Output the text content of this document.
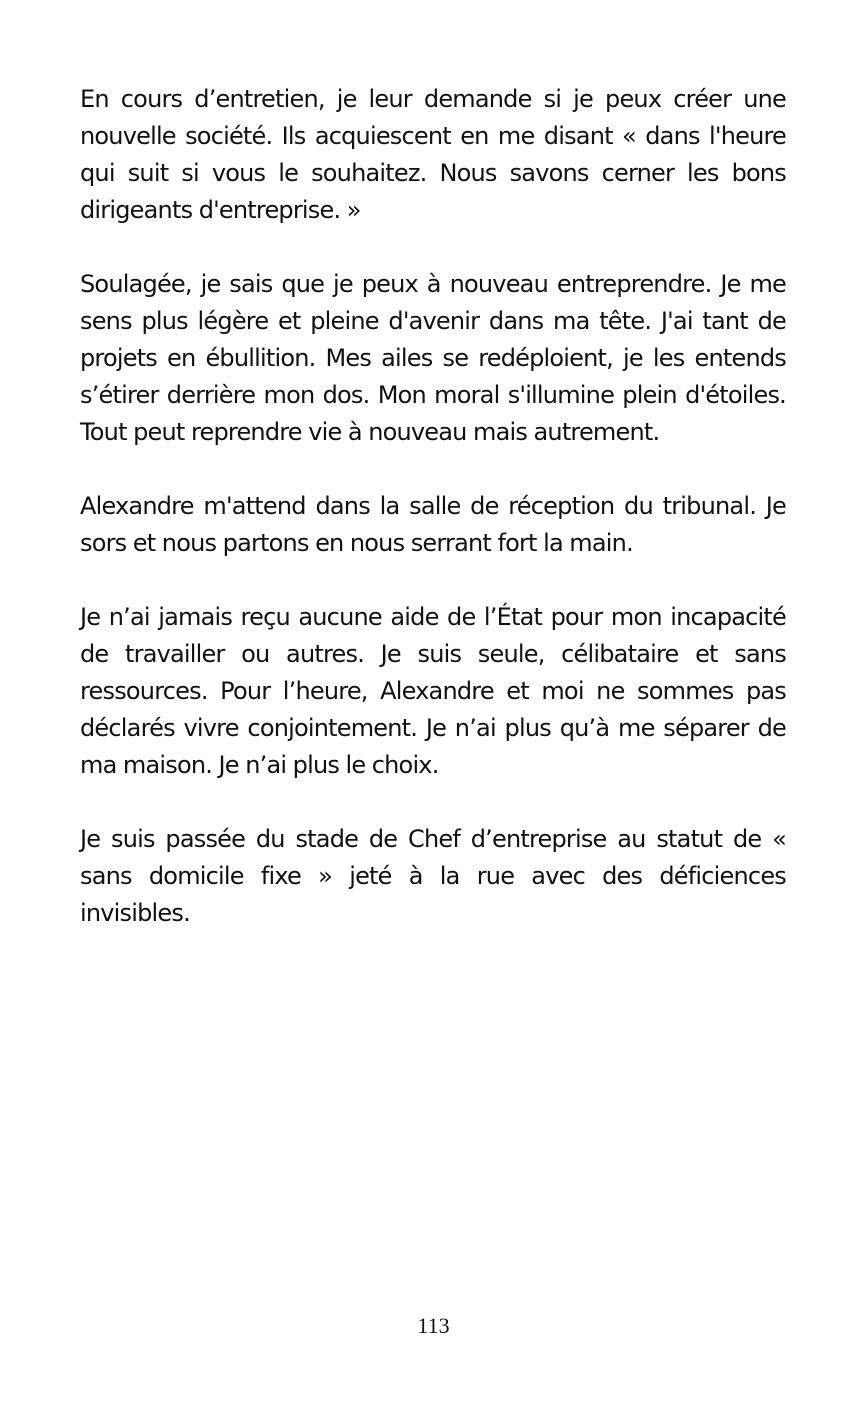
En cours d’entretien, je leur demande si je peux créer une nouvelle société. Ils acquiescent en me disant « dans l'heure qui suit si vous le souhaitez. Nous savons cerner les bons dirigeants d'entreprise. »

Soulagée, je sais que je peux à nouveau entreprendre. Je me sens plus légère et pleine d'avenir dans ma tête. J'ai tant de projets en ébullition. Mes ailes se redéploient, je les entends s’étirer derrière mon dos. Mon moral s'illumine plein d'étoiles. Tout peut reprendre vie à nouveau mais autrement.

Alexandre m'attend dans la salle de réception du tribunal. Je sors et nous partons en nous serrant fort la main.

Je n’ai jamais reçu aucune aide de l’État pour mon incapacité de travailler ou autres. Je suis seule, célibataire et sans ressources. Pour l’heure, Alexandre et moi ne sommes pas déclarés vivre conjointement. Je n’ai plus qu’à me séparer de ma maison. Je n’ai plus le choix.

Je suis passée du stade de Chef d’entreprise au statut de « sans domicile fixe » jeté à la rue avec des déficiences invisibles.

113
